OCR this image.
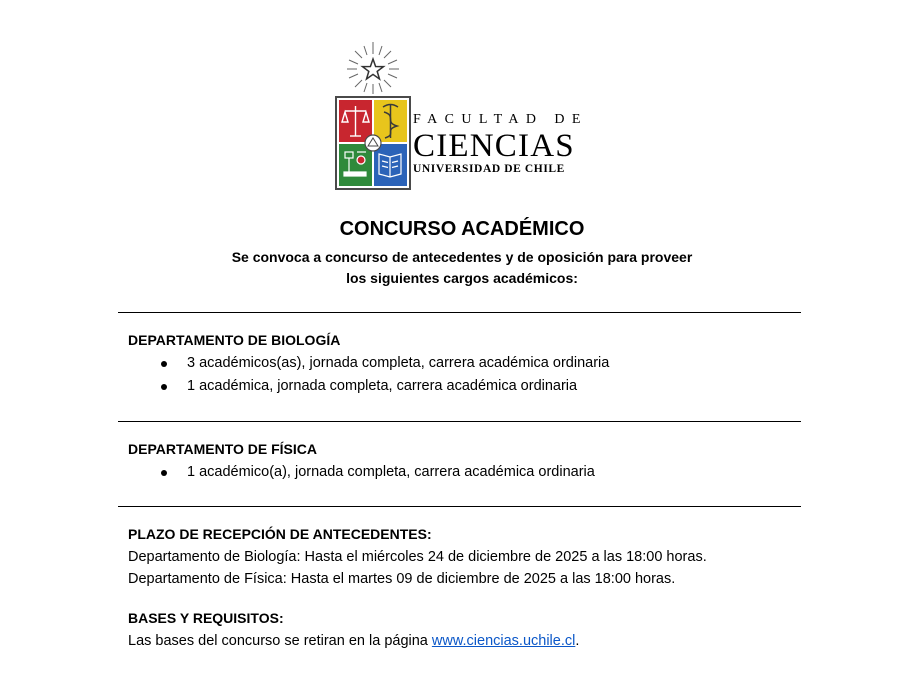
FACULTAD DE
CIENCIAS
UNIVERSIDAD DE CHILE
CONCURSO ACADÉMICO
Se convoca a concurso de antecedentes y de oposición para proveer
los siguientes cargos académicos:
DEPARTAMENTO DE BIOLOGÍA
3 académicos(as), jornada completa, carrera académica ordinaria
1 académica, jornada completa, carrera académica ordinaria
DEPARTAMENTO DE FÍSICA
1 académico(a), jornada completa, carrera académica ordinaria
PLAZO DE RECEPCIÓN DE ANTECEDENTES:
Departamento de Biología: Hasta el miércoles 24 de diciembre de 2025 a las 18:00 horas.
Departamento de Física: Hasta el martes 09 de diciembre de 2025 a las 18:00 horas.
BASES Y REQUISITOS:
Las bases del concurso se retiran en la página www.ciencias.uchile.cl.
